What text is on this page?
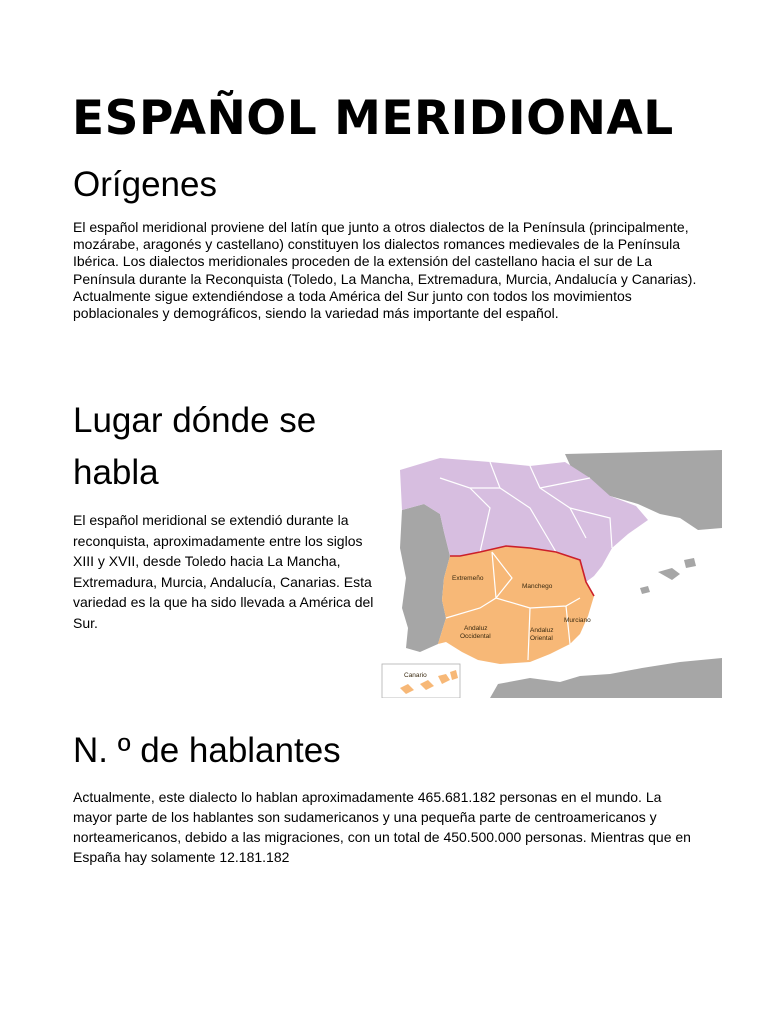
ESPAÑOL MERIDIONAL
Orígenes

El español meridional proviene del latín que junto a otros dialectos de la Península (principalmente, mozárabe, aragonés y castellano) constituyen los dialectos romances medievales de la Península Ibérica. Los dialectos meridionales proceden de la extensión del castellano hacia el sur de La Península durante la Reconquista (Toledo, La Mancha, Extremadura, Murcia, Andalucía y Canarias). Actualmente sigue extendiéndose a toda América del Sur junto con todos los movimientos poblacionales y demográficos, siendo la variedad más importante del español.

Lugar dónde se habla

El español meridional se extendió durante la reconquista, aproximadamente entre los siglos XIII y XVII, desde Toledo hacia La Mancha, Extremadura, Murcia, Andalucía, Canarias. Esta variedad es la que ha sido llevada a América del Sur.

Extremeño
Manchego
Murciano
Andaluz
Occidental
Andaluz
Oriental
Canario
N. º de hablantes

Actualmente, este dialecto lo hablan aproximadamente 465.681.182 personas en el mundo. La mayor parte de los hablantes son sudamericanos y una pequeña parte de centroamericanos y norteamericanos, debido a las migraciones, con un total de 450.500.000 personas. Mientras que en España hay solamente 12.181.182
